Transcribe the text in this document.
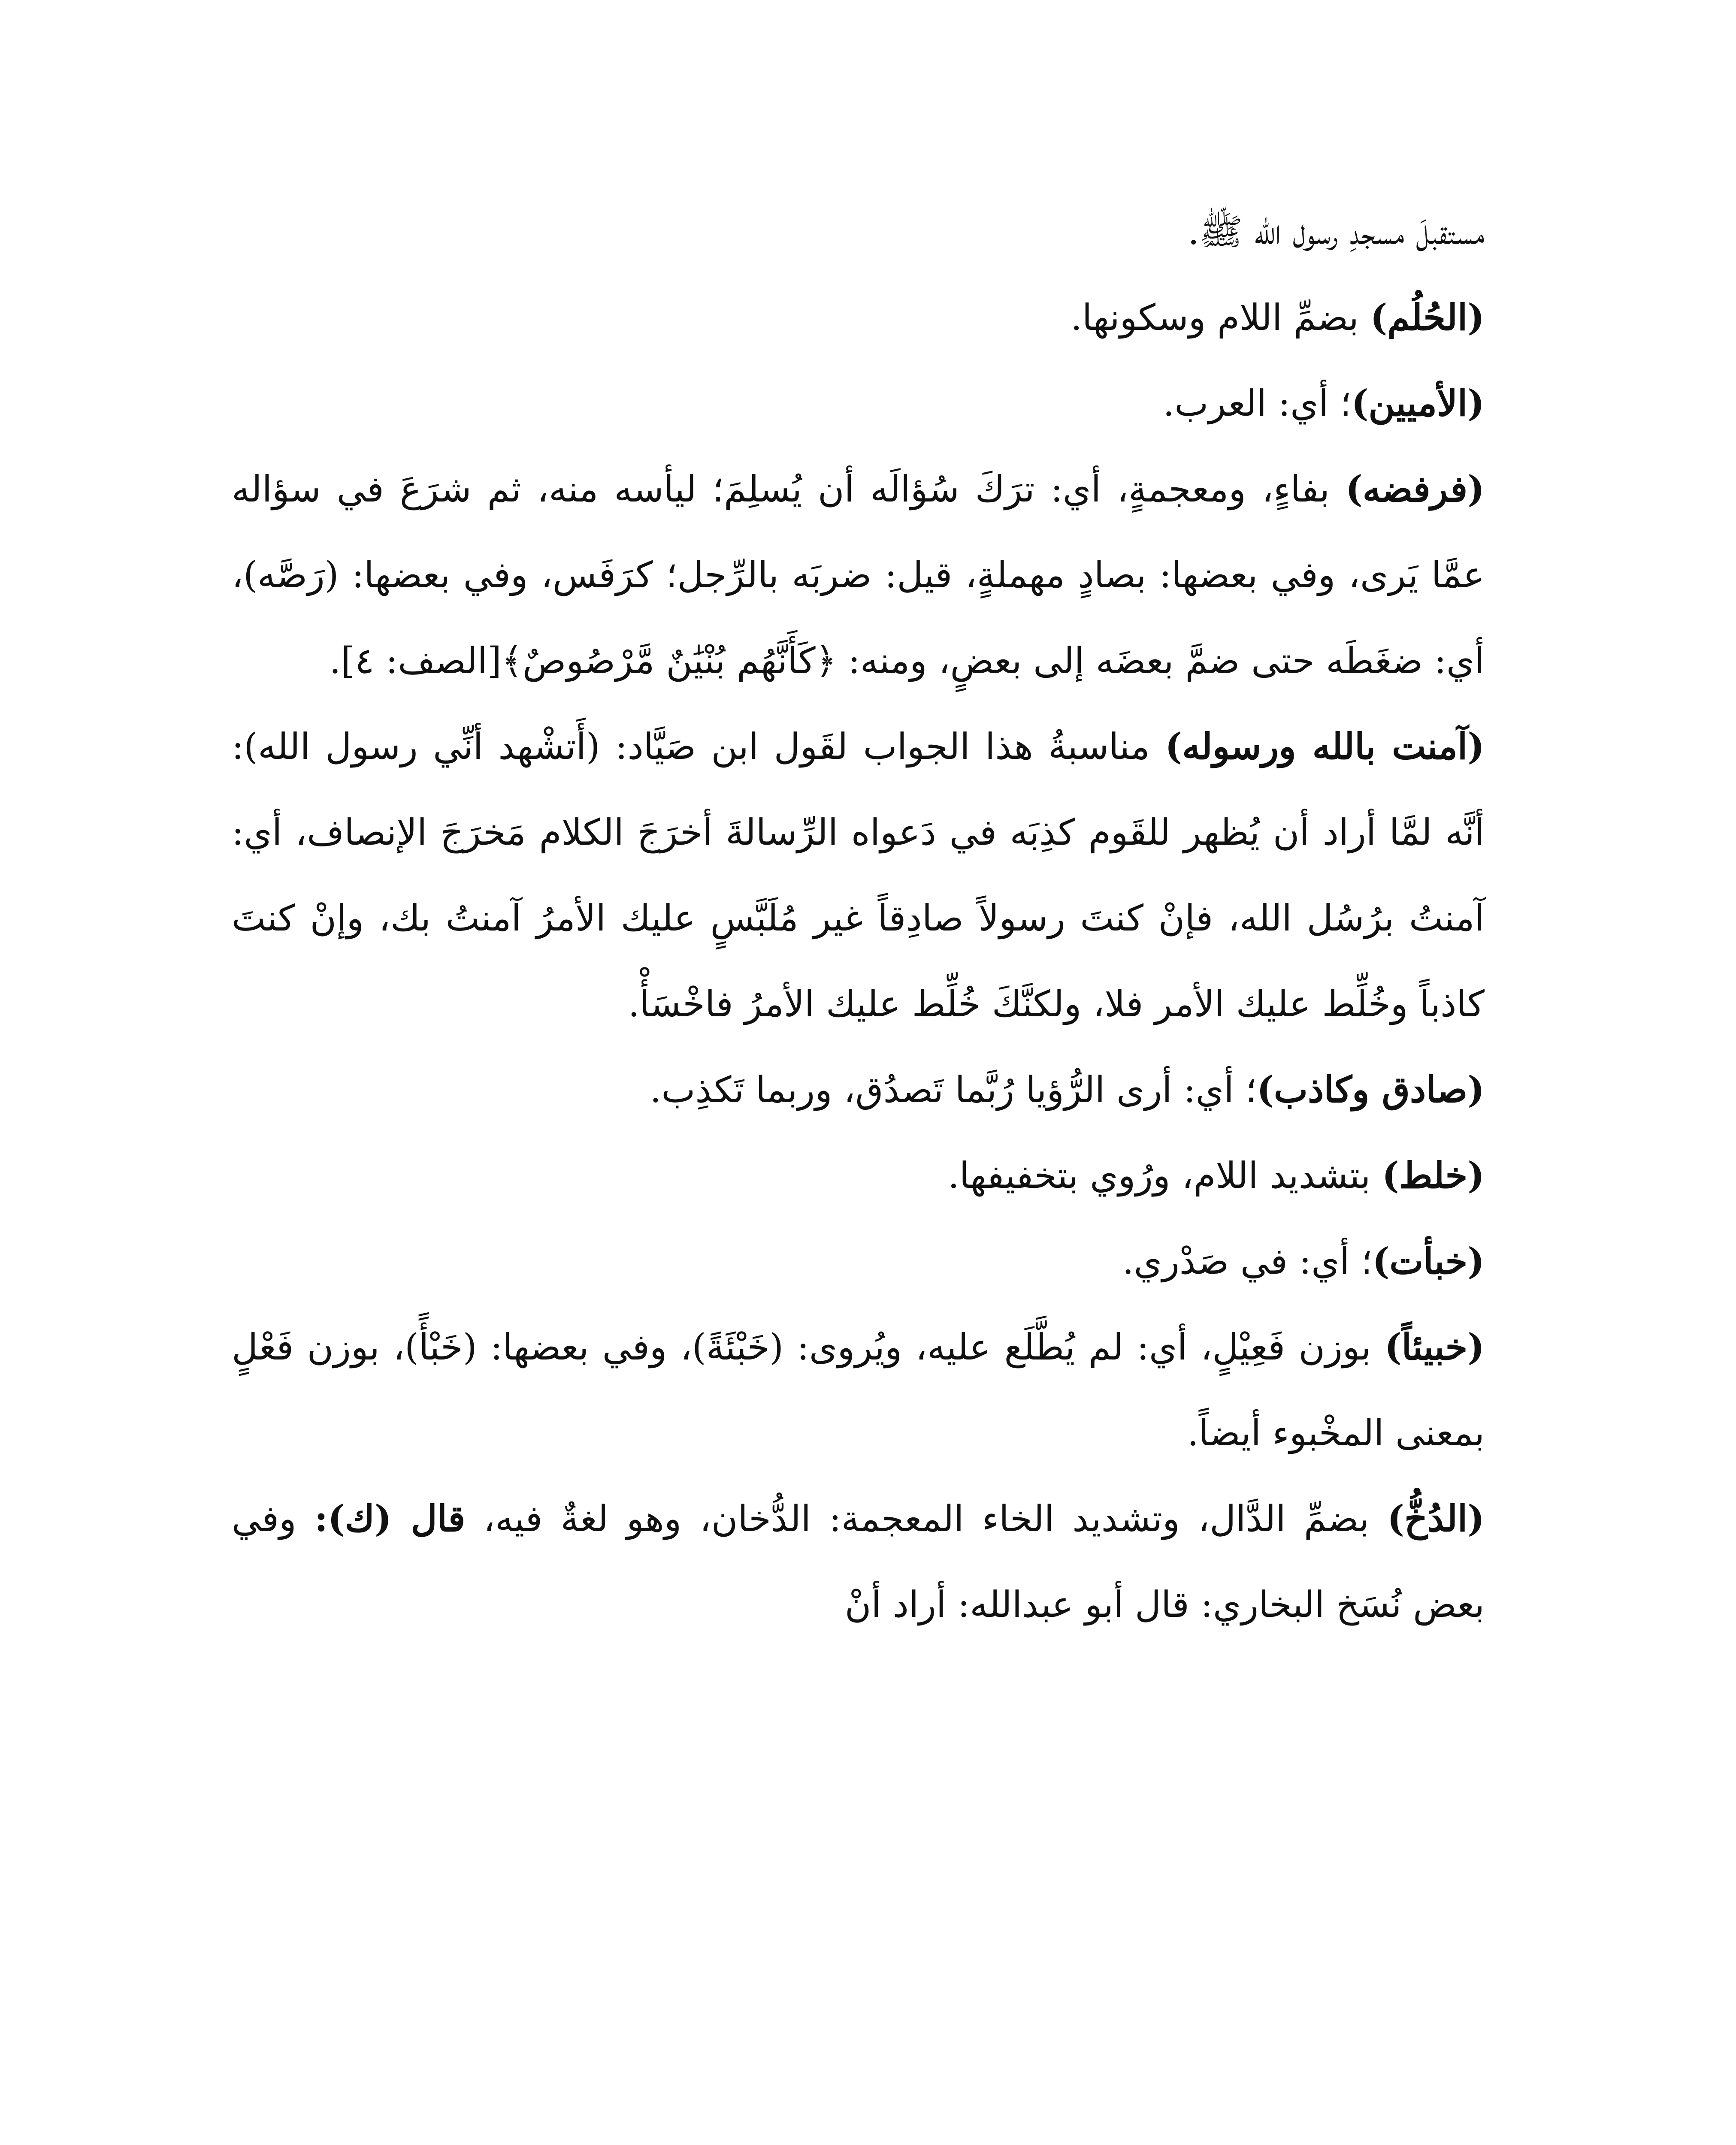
مستقبلَ مسجدِ رسول الله ﷺ.

(الحُلُم) بضمِّ اللام وسكونها.

(الأميين)؛ أي: العرب.

(فرفضه) بفاءٍ، ومعجمةٍ، أي: ترَكَ سُؤالَه أن يُسلِمَ؛ ليأسه منه، ثم شرَعَ في سؤاله عمَّا يَرى، وفي بعضها: بصادٍ مهملةٍ، قيل: ضربَه بالرِّجل؛ كرَفَس، وفي بعضها: (رَصَّه)، أي: ضغَطَه حتى ضمَّ بعضَه إلى بعضٍ، ومنه: ﴿كَأَنَّهُم بُنْيَٰنٌ مَّرْصُوصٌ﴾[الصف: ٤].

(آمنت بالله ورسوله) مناسبةُ هذا الجواب لقَول ابن صَيَّاد: (أَتشْهد أنِّي رسول الله): أنَّه لمَّا أراد أن يُظهر للقَوم كذِبَه في دَعواه الرِّسالةَ أخرَجَ الكلام مَخرَجَ الإنصاف، أي: آمنتُ برُسُل الله، فإنْ كنتَ رسولاً صادِقاً غير مُلَبَّسٍ عليك الأمرُ آمنتُ بك، وإنْ كنتَ كاذباً وخُلِّط عليك الأمر فلا، ولكنَّكَ خُلِّط عليك الأمرُ فاخْسَأْ.

(صادق وكاذب)؛ أي: أرى الرُّؤيا رُبَّما تَصدُق، وربما تَكذِب.

(خلط) بتشديد اللام، ورُوي بتخفيفها.

(خبأت)؛ أي: في صَدْري.

(خبيئاً) بوزن فَعِيْلٍ، أي: لم يُطَّلَع عليه، ويُروى: (خَبْئَةً)، وفي بعضها: (خَبْأً)، بوزن فَعْلٍ بمعنى المخْبوء أيضاً.

(الدُخُّ) بضمِّ الدَّال، وتشديد الخاء المعجمة: الدُّخان، وهو لغةٌ فيه، قال (ك): وفي بعض نُسَخ البخاري: قال أبو عبدالله: أراد أنْ
